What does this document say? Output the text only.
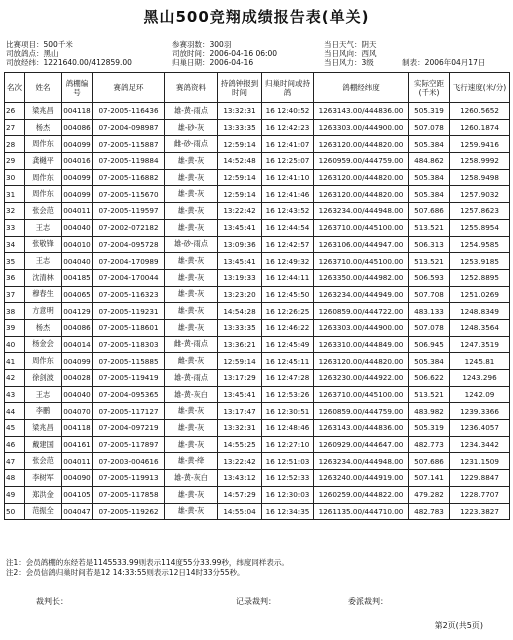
黑山500竞翔成绩报告表(单关)
比赛项目：500千米
司放鸽点：黑山
司放经纬：1221640.00/412859.00
参赛羽数：300羽
司放时间：2006-04-16 06:00
归巢日期：2006-04-16
当日天气：阴天
当日风向：西风
当日风力：3级	制表：2006年04月17日
名次	姓名	鸽棚编号	赛鸽足环	赛鸽资料	持鸽钟报到时间	归巢时间或持鸽	鸽棚经纬度	实际空距(千米)	飞行速度(米/分)
26	梁兆昌	004118	07-2005-116436	雄-黄-雨点	13:32:31	16 12:40:52	1263143.00/444836.00	505.319	1260.5652
27	杨杰	004086	07-2004-098987	雄-砂-灰	13:33:35	16 12:42:23	1263303.00/444900.00	507.078	1260.1874
28	周作东	004099	07-2005-115887	雌-砂-雨点	12:59:14	16 12:41:07	1263120.00/444820.00	505.384	1259.9416
29	龚樾平	004016	07-2005-119884	雄-黄-灰	14:52:48	16 12:25:07	1260959.00/444759.00	484.862	1258.9992
30	周作东	004099	07-2005-116882	雄-黄-灰	12:59:14	16 12:41:10	1263120.00/444820.00	505.384	1258.9498
31	周作东	004099	07-2005-115670	雄-黄-灰	12:59:14	16 12:41:46	1263120.00/444820.00	505.384	1257.9032
32	张会范	004011	07-2005-119597	雄-黄-灰	13:22:42	16 12:43:52	1263234.00/444948.00	507.686	1257.8623
33	王志	004040	07-2002-072182	雄-黄-灰	13:45:41	16 12:44:54	1263710.00/445100.00	513.521	1255.8954
34	张敬锋	004010	07-2004-095728	雄-砂-雨点	13:09:36	16 12:42:57	1263106.00/444947.00	506.313	1254.9585
35	王志	004040	07-2004-170989	雄-黄-灰	13:45:41	16 12:49:32	1263710.00/445100.00	513.521	1253.9185
36	沈清林	004185	07-2004-170044	雄-黄-灰	13:19:33	16 12:44:11	1263350.00/444982.00	506.593	1252.8895
37	穆春生	004065	07-2005-116323	雄-黄-灰	13:23:20	16 12:45:50	1263234.00/444949.00	507.708	1251.0269
38	方意明	004129	07-2005-119231	雄-黄-灰	14:54:28	16 12:26:25	1260859.00/444722.00	483.133	1248.8349
39	杨杰	004086	07-2005-118601	雄-黄-灰	13:33:35	16 12:46:22	1263303.00/444900.00	507.078	1248.3564
40	杨金会	004014	07-2005-118303	雌-黄-雨点	13:36:21	16 12:45:49	1263310.00/444849.00	506.945	1247.3519
41	周作东	004099	07-2005-115885	雌-黄-灰	12:59:14	16 12:45:11	1263120.00/444820.00	505.384	1245.81
42	徐剑波	004028	07-2005-119419	雄-黄-雨点	13:17:29	16 12:47:28	1263230.00/444922.00	506.622	1243.296
43	王志	004040	07-2004-095365	雄-黄-灰白	13:45:41	16 12:53:26	1263710.00/445100.00	513.521	1242.09
44	李鹏	004070	07-2005-117127	雄-黄-灰	13:17:47	16 12:30:51	1260859.00/444759.00	483.982	1239.3366
45	梁兆昌	004118	07-2004-097219	雄-黄-灰	13:32:31	16 12:48:46	1263143.00/444836.00	505.319	1236.4057
46	戴建国	004161	07-2005-117897	雄-黄-灰	14:55:25	16 12:27:10	1260929.00/444647.00	482.773	1234.3442
47	张会范	004011	07-2003-004616	雄-黄-绛	13:22:42	16 12:51:03	1263234.00/444948.00	507.686	1231.1509
48	李树军	004090	07-2005-119913	雄-黄-灰白	13:43:12	16 12:52:33	1263240.00/444919.00	507.141	1229.8847
49	郑洪金	004105	07-2005-117858	雄-黄-灰	14:57:29	16 12:30:03	1260259.00/444822.00	479.282	1228.7707
50	范振全	004047	07-2005-119262	雄-黄-灰	14:55:04	16 12:34:35	1261135.00/444710.00	482.783	1223.3827
注1：会员鸽棚的东经若是1145533.99则表示114度55分33.99秒，纬度同样表示。
注2：会员信鸽归巢时间若是12 14:33:55则表示12日14时33分55秒。
裁判长：	记录裁判：	委派裁判：
第2页(共5页)
